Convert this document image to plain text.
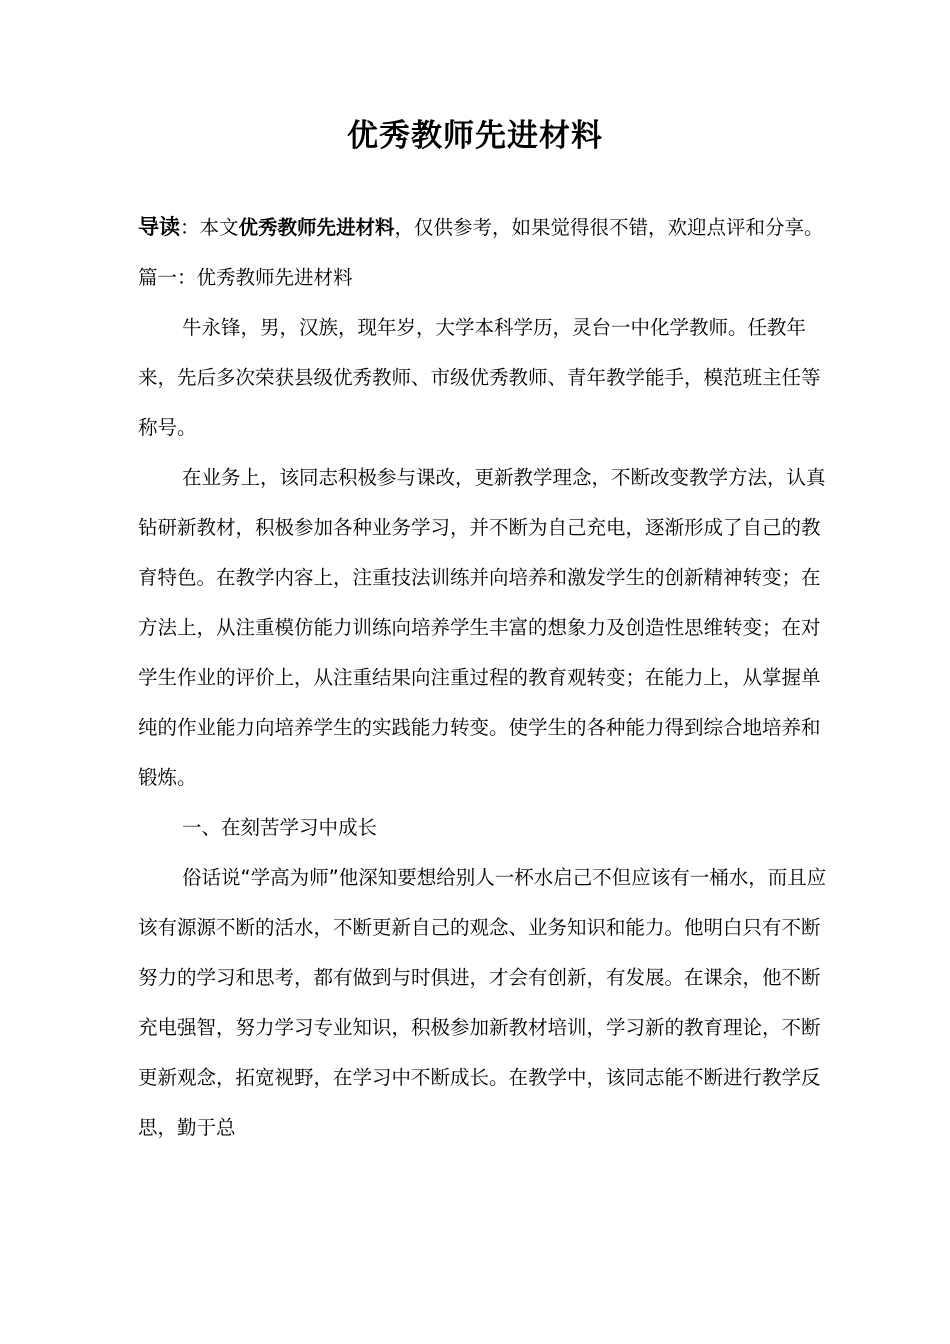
优秀教师先进材料

导读：本文优秀教师先进材料，仅供参考，如果觉得很不错，欢迎点评和分享。

篇一：优秀教师先进材料

牛永锋，男，汉族，现年岁，大学本科学历，灵台一中化学教师。任教年来，先后多次荣获县级优秀教师、市级优秀教师、青年教学能手，模范班主任等称号。

在业务上，该同志积极参与课改，更新教学理念，不断改变教学方法，认真钻研新教材，积极参加各种业务学习，并不断为自己充电，逐渐形成了自己的教育特色。在教学内容上，注重技法训练并向培养和激发学生的创新精神转变；在方法上，从注重模仿能力训练向培养学生丰富的想象力及创造性思维转变；在对学生作业的评价上，从注重结果向注重过程的教育观转变；在能力上，从掌握单纯的作业能力向培养学生的实践能力转变。使学生的各种能力得到综合地培养和锻炼。

一、在刻苦学习中成长

俗话说“学高为师”他深知要想给别人一杯水启己不但应该有一桶水，而且应该有源源不断的活水，不断更新自己的观念、业务知识和能力。他明白只有不断努力的学习和思考，都有做到与时俱进，才会有创新，有发展。在课余，他不断充电强智，努力学习专业知识，积极参加新教材培训，学习新的教育理论，不断更新观念，拓宽视野，在学习中不断成长。在教学中，该同志能不断进行教学反思，勤于总
